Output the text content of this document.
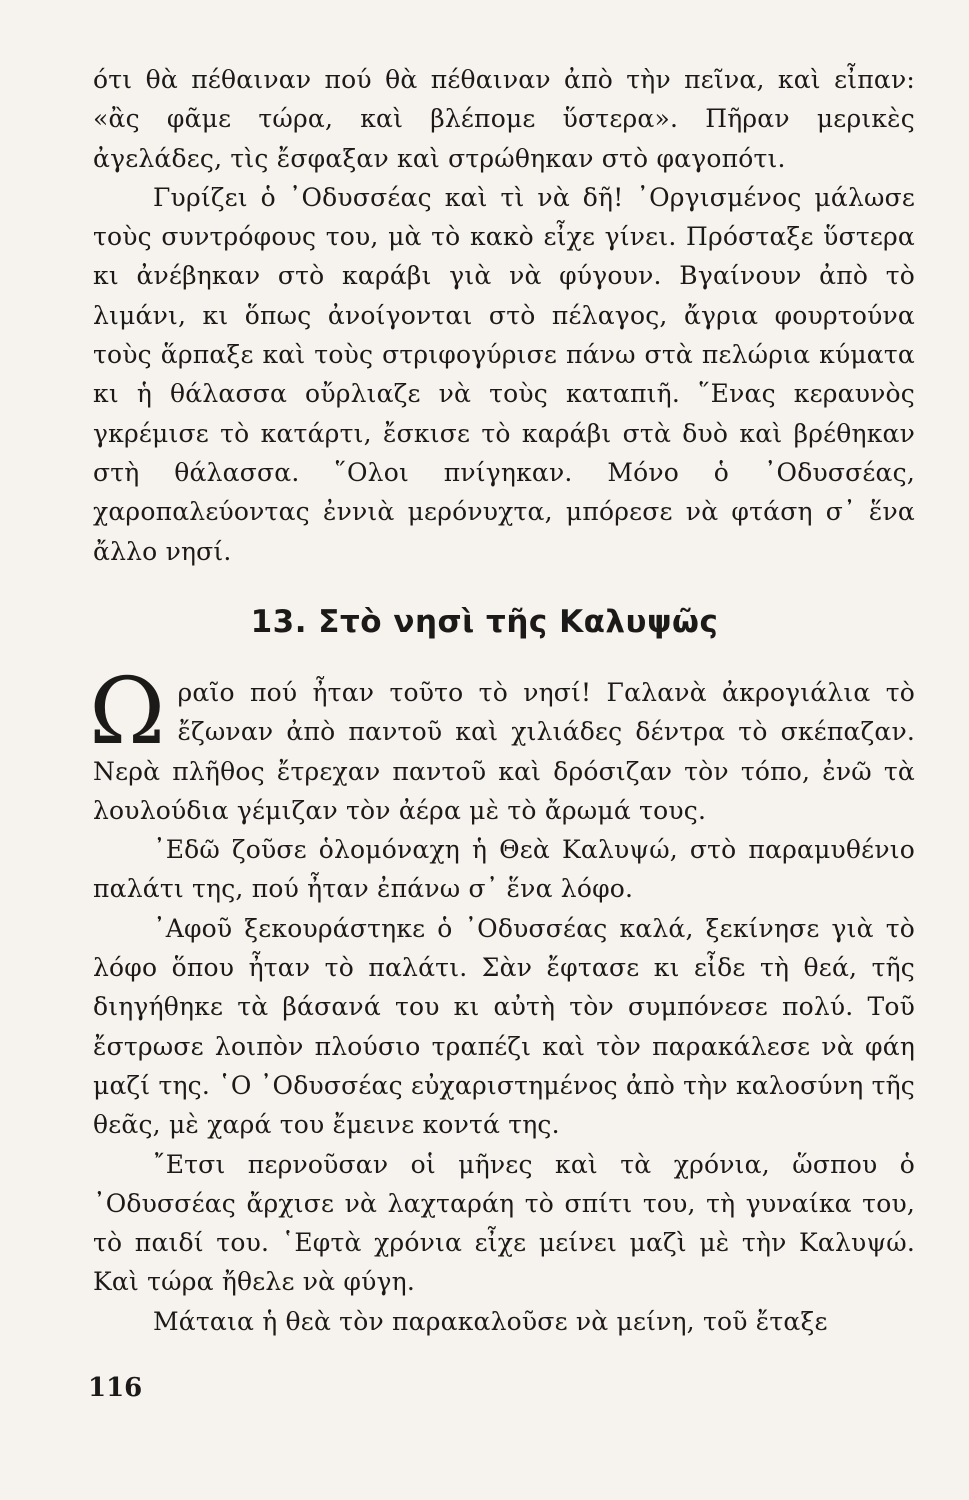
ότι θὰ πέθαιναν πού θὰ πέθαιναν ἀπὸ τὴν πεῖνα, καὶ εἶπαν: «ἂς φᾶμε τώρα, καὶ βλέπομε ὕστερα». Πῆραν μερικὲς ἀγελάδες, τὶς ἔσφαξαν καὶ στρώθηκαν στὸ φαγοπότι.

Γυρίζει ὁ ᾿Οδυσσέας καὶ τὶ νὰ δῆ! ᾿Οργισμένος μάλωσε τοὺς συντρόφους του, μὰ τὸ κακὸ εἶχε γίνει. Πρόσταξε ὕστερα κι ἀνέβηκαν στὸ καράβι γιὰ νὰ φύγουν. Βγαίνουν ἀπὸ τὸ λιμάνι, κι ὅπως ἀνοίγονται στὸ πέλαγος, ἄγρια φουρτούνα τοὺς ἅρπαξε καὶ τοὺς στριφογύρισε πάνω στὰ πελώρια κύματα κι ἡ θάλασσα οὔρλιαζε νὰ τοὺς καταπιῆ. ῞Ενας κεραυνὸς γκρέμισε τὸ κατάρτι, ἔσκισε τὸ καράβι στὰ δυὸ καὶ βρέθηκαν στὴ θάλασσα. ῞Ολοι πνίγηκαν. Μόνο ὁ ᾿Οδυσσέας, χαροπαλεύοντας ἐννιὰ μερόνυχτα, μπόρεσε νὰ φτάση σ᾿ ἕνα ἄλλο νησί.

13. Στὸ νησὶ τῆς Καλυψῶς

Ωραῖο πού ἦταν τοῦτο τὸ νησί! Γαλανὰ ἀκρογιάλια τὸ ἔζωναν ἀπὸ παντοῦ καὶ χιλιάδες δέντρα τὸ σκέπαζαν. Νερὰ πλῆθος ἔτρεχαν παντοῦ καὶ δρόσιζαν τὸν τόπο, ἐνῶ τὰ λουλούδια γέμιζαν τὸν ἀέρα μὲ τὸ ἄρωμά τους.

᾿Εδῶ ζοῦσε ὁλομόναχη ἡ Θεὰ Καλυψώ, στὸ παραμυθένιο παλάτι της, πού ἦταν ἐπάνω σ᾿ ἕνα λόφο.

᾿Αφοῦ ξεκουράστηκε ὁ ᾿Οδυσσέας καλά, ξεκίνησε γιὰ τὸ λόφο ὅπου ἦταν τὸ παλάτι. Σὰν ἔφτασε κι εἶδε τὴ θεά, τῆς διηγήθηκε τὰ βάσανά του κι αὐτὴ τὸν συμπόνεσε πολύ. Τοῦ ἔστρωσε λοιπὸν πλούσιο τραπέζι καὶ τὸν παρακάλεσε νὰ φάη μαζί της. ῾Ο ᾿Οδυσσέας εὐχαριστημένος ἀπὸ τὴν καλοσύνη τῆς θεᾶς, μὲ χαρά του ἔμεινε κοντά της.

῎Ετσι περνοῦσαν οἱ μῆνες καὶ τὰ χρόνια, ὥσπου ὁ ᾿Οδυσσέας ἄρχισε νὰ λαχταράη τὸ σπίτι του, τὴ γυναίκα του, τὸ παιδί του. ῾Εφτὰ χρόνια εἶχε μείνει μαζὶ μὲ τὴν Καλυψώ. Καὶ τώρα ἤθελε νὰ φύγη.

Μάταια ἡ θεὰ τὸν παρακαλοῦσε νὰ μείνη, τοῦ ἔταξε

116
